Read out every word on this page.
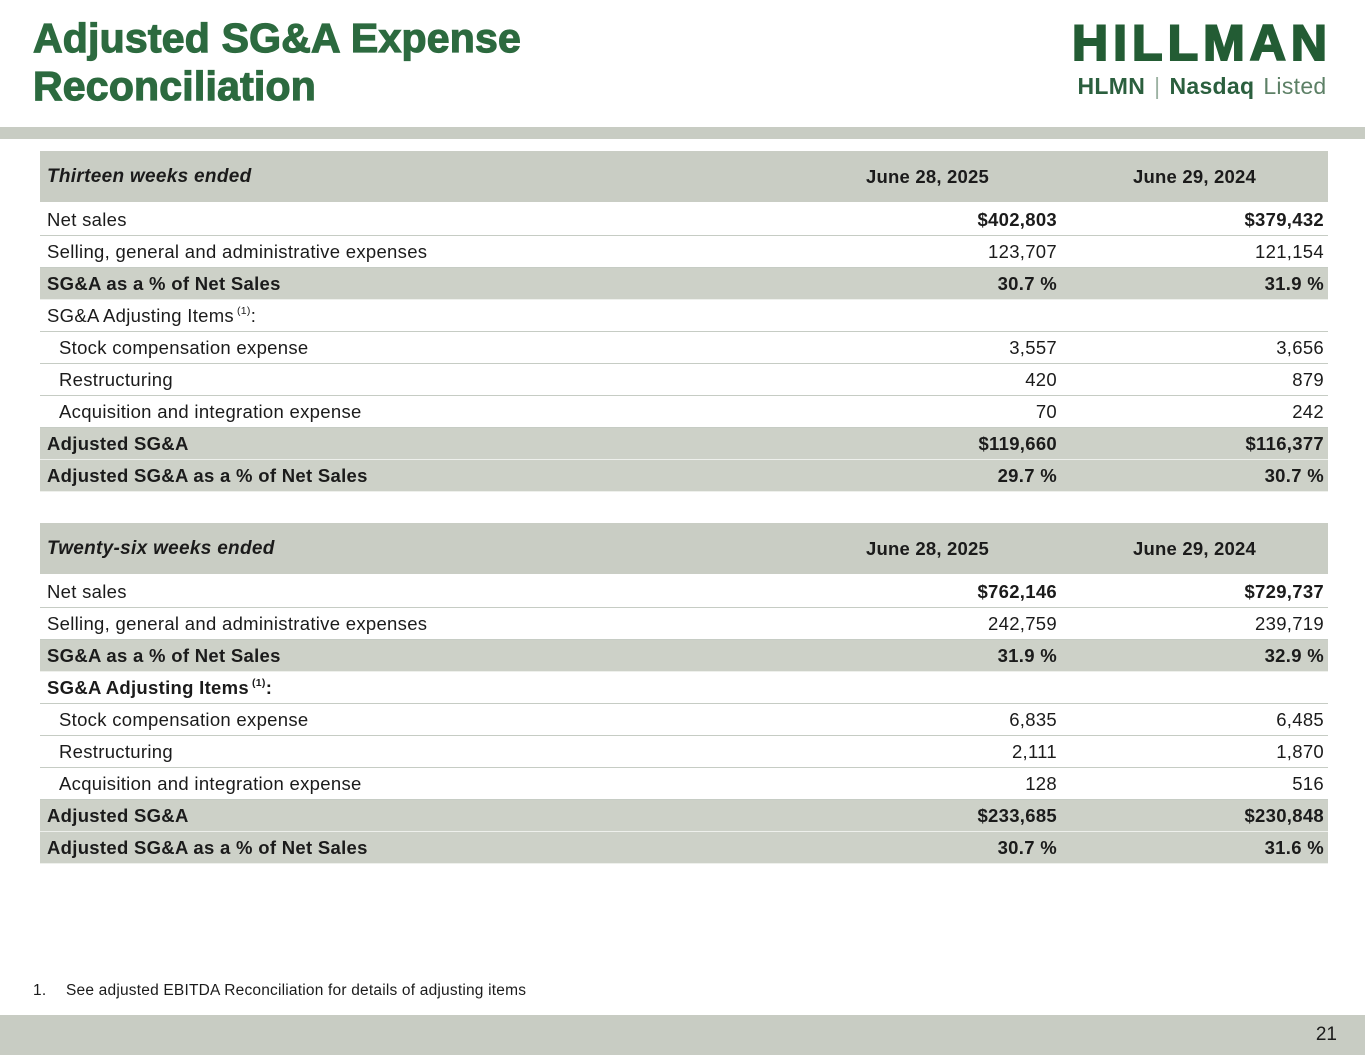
Adjusted SG&A Expense
Reconciliation
HILLMAN
HLMN | Nasdaq Listed
Thirteen weeks ended	June 28, 2025	June 29, 2024
Net sales	$402,803	$379,432
Selling, general and administrative expenses	123,707	121,154
SG&A as a % of Net Sales	30.7 %	31.9 %
SG&A Adjusting Items $^{(1)}$:
Stock compensation expense	3,557	3,656
Restructuring	420	879
Acquisition and integration expense	70	242
Adjusted SG&A	$119,660	$116,377
Adjusted SG&A as a % of Net Sales	29.7 %	30.7 %
Twenty-six weeks ended	June 28, 2025	June 29, 2024
Net sales	$762,146	$729,737
Selling, general and administrative expenses	242,759	239,719
SG&A as a % of Net Sales	31.9 %	32.9 %
SG&A Adjusting Items $^{(1)}$:
Stock compensation expense	6,835	6,485
Restructuring	2,111	1,870
Acquisition and integration expense	128	516
Adjusted SG&A	$233,685	$230,848
Adjusted SG&A as a % of Net Sales	30.7 %	31.6 %
1.	See adjusted EBITDA Reconciliation for details of adjusting items
21
